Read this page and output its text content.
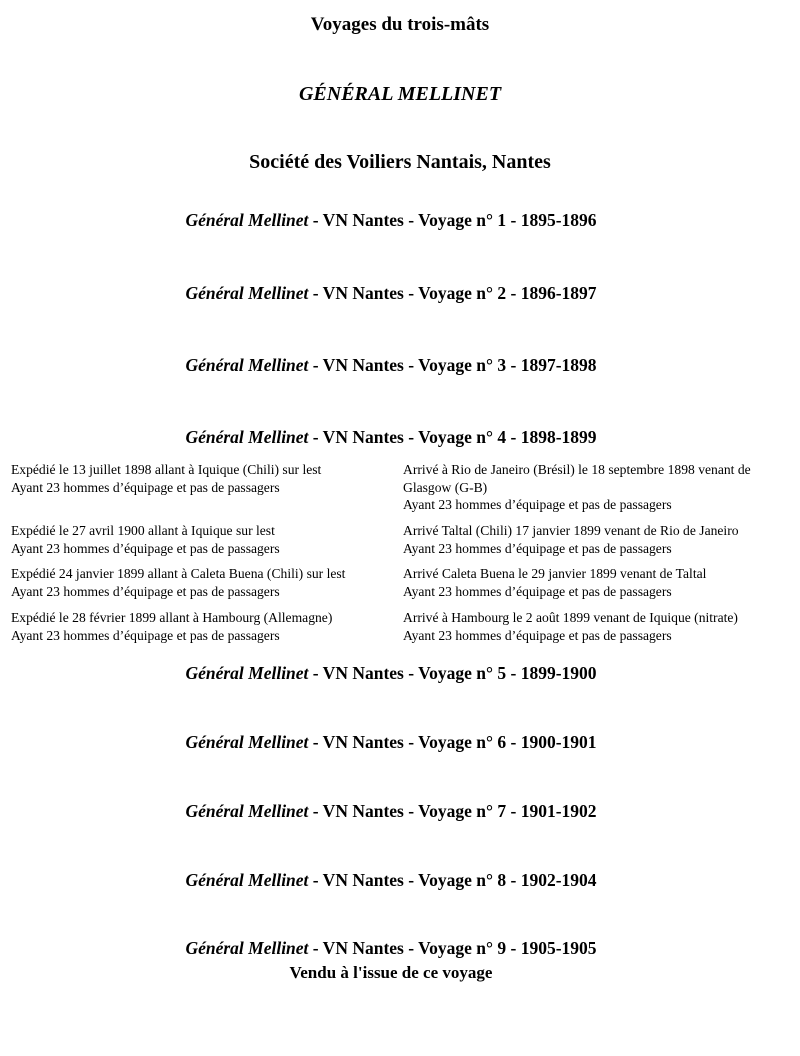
Voyages du trois-mâts
GÉNÉRAL MELLINET
Société des Voiliers Nantais, Nantes
Général Mellinet - VN Nantes - Voyage n° 1 - 1895-1896
Général Mellinet - VN Nantes - Voyage n° 2 - 1896-1897
Général Mellinet - VN Nantes - Voyage n° 3 - 1897-1898
Général Mellinet - VN Nantes - Voyage n° 4 - 1898-1899
Expédié le 13 juillet 1898 allant à Iquique (Chili) sur lest
Ayant 23 hommes d’équipage et pas de passagers
Arrivé à Rio de Janeiro (Brésil) le 18 septembre 1898 venant de Glasgow (G-B)
Ayant 23 hommes d’équipage et pas de passagers
Expédié le 27 avril 1900 allant à Iquique sur lest
Ayant 23 hommes d’équipage et pas de passagers
Arrivé Taltal (Chili) 17 janvier 1899 venant de Rio de Janeiro
Ayant 23 hommes d’équipage et pas de passagers
Expédié 24 janvier 1899 allant à Caleta Buena (Chili) sur lest
Ayant 23 hommes d’équipage et pas de passagers
Arrivé Caleta Buena le 29 janvier 1899 venant de Taltal
Ayant 23 hommes d’équipage et pas de passagers
Expédié le 28 février 1899 allant à Hambourg (Allemagne)
Ayant 23 hommes d’équipage et pas de passagers
Arrivé à Hambourg le 2 août 1899 venant de Iquique (nitrate)
Ayant 23 hommes d’équipage et pas de passagers
Général Mellinet - VN Nantes - Voyage n° 5 - 1899-1900
Général Mellinet - VN Nantes - Voyage n° 6 - 1900-1901
Général Mellinet - VN Nantes - Voyage n° 7 - 1901-1902
Général Mellinet - VN Nantes - Voyage n° 8 - 1902-1904
Général Mellinet - VN Nantes - Voyage n° 9 - 1905-1905
Vendu à l'issue de ce voyage
